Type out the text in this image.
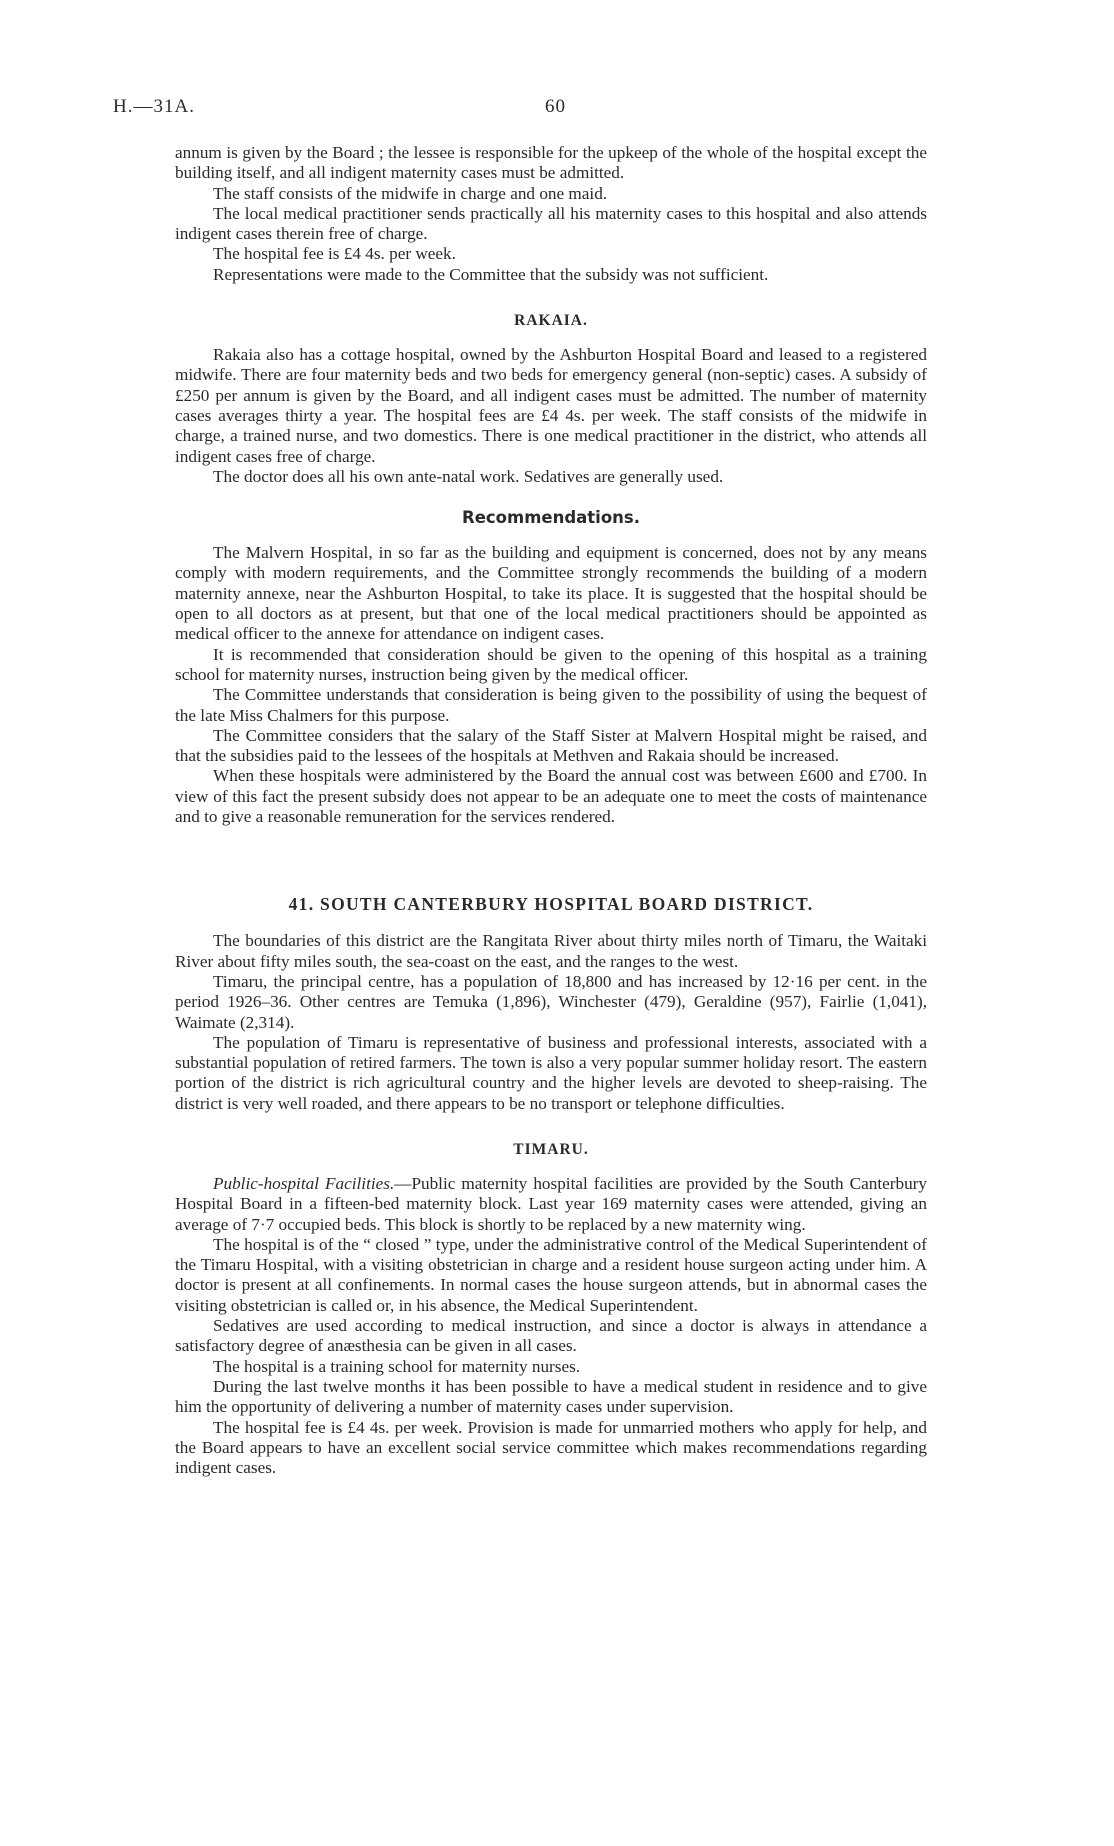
H.—31A.	60

annum is given by the Board ; the lessee is responsible for the upkeep of the whole of the hospital except the building itself, and all indigent maternity cases must be admitted.

The staff consists of the midwife in charge and one maid.

The local medical practitioner sends practically all his maternity cases to this hospital and also attends indigent cases therein free of charge.

The hospital fee is £4 4s. per week.

Representations were made to the Committee that the subsidy was not sufficient.

RAKAIA.

Rakaia also has a cottage hospital, owned by the Ashburton Hospital Board and leased to a registered midwife. There are four maternity beds and two beds for emergency general (non-septic) cases. A subsidy of £250 per annum is given by the Board, and all indigent cases must be admitted. The number of maternity cases averages thirty a year. The hospital fees are £4 4s. per week. The staff consists of the midwife in charge, a trained nurse, and two domestics. There is one medical practitioner in the district, who attends all indigent cases free of charge.

The doctor does all his own ante-natal work. Sedatives are generally used.

Recommendations.

The Malvern Hospital, in so far as the building and equipment is concerned, does not by any means comply with modern requirements, and the Committee strongly recommends the building of a modern maternity annexe, near the Ashburton Hospital, to take its place. It is suggested that the hospital should be open to all doctors as at present, but that one of the local medical practitioners should be appointed as medical officer to the annexe for attendance on indigent cases.

It is recommended that consideration should be given to the opening of this hospital as a training school for maternity nurses, instruction being given by the medical officer.

The Committee understands that consideration is being given to the possibility of using the bequest of the late Miss Chalmers for this purpose.

The Committee considers that the salary of the Staff Sister at Malvern Hospital might be raised, and that the subsidies paid to the lessees of the hospitals at Methven and Rakaia should be increased.

When these hospitals were administered by the Board the annual cost was between £600 and £700. In view of this fact the present subsidy does not appear to be an adequate one to meet the costs of maintenance and to give a reasonable remuneration for the services rendered.

41. SOUTH CANTERBURY HOSPITAL BOARD DISTRICT.

The boundaries of this district are the Rangitata River about thirty miles north of Timaru, the Waitaki River about fifty miles south, the sea-coast on the east, and the ranges to the west.

Timaru, the principal centre, has a population of 18,800 and has increased by 12·16 per cent. in the period 1926–36. Other centres are Temuka (1,896), Winchester (479), Geraldine (957), Fairlie (1,041), Waimate (2,314).

The population of Timaru is representative of business and professional interests, associated with a substantial population of retired farmers. The town is also a very popular summer holiday resort. The eastern portion of the district is rich agricultural country and the higher levels are devoted to sheep-raising. The district is very well roaded, and there appears to be no transport or telephone difficulties.

TIMARU.

Public-hospital Facilities.—Public maternity hospital facilities are provided by the South Canterbury Hospital Board in a fifteen-bed maternity block. Last year 169 maternity cases were attended, giving an average of 7·7 occupied beds. This block is shortly to be replaced by a new maternity wing.

The hospital is of the “ closed ” type, under the administrative control of the Medical Superintendent of the Timaru Hospital, with a visiting obstetrician in charge and a resident house surgeon acting under him. A doctor is present at all confinements. In normal cases the house surgeon attends, but in abnormal cases the visiting obstetrician is called or, in his absence, the Medical Superintendent.

Sedatives are used according to medical instruction, and since a doctor is always in attendance a satisfactory degree of anæsthesia can be given in all cases.

The hospital is a training school for maternity nurses.

During the last twelve months it has been possible to have a medical student in residence and to give him the opportunity of delivering a number of maternity cases under supervision.

The hospital fee is £4 4s. per week. Provision is made for unmarried mothers who apply for help, and the Board appears to have an excellent social service committee which makes recommendations regarding indigent cases.
